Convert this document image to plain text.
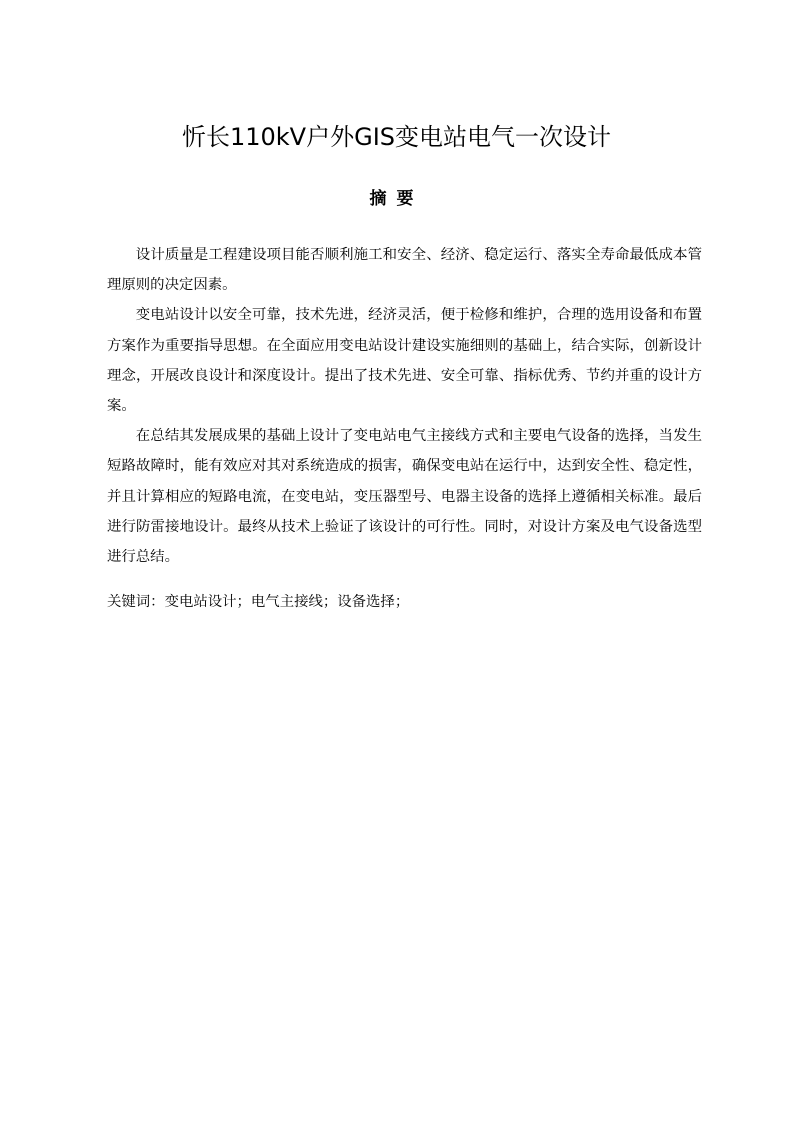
忻长110kV户外GIS变电站电气一次设计
摘要

设计质量是工程建设项目能否顺利施工和安全、经济、稳定运行、落实全寿命最低成本管理原则的决定因素。

变电站设计以安全可靠，技术先进，经济灵活，便于检修和维护，合理的选用设备和布置方案作为重要指导思想。在全面应用变电站设计建设实施细则的基础上，结合实际，创新设计理念，开展改良设计和深度设计。提出了技术先进、安全可靠、指标优秀、节约并重的设计方案。

在总结其发展成果的基础上设计了变电站电气主接线方式和主要电气设备的选择，当发生短路故障时，能有效应对其对系统造成的损害，确保变电站在运行中，达到安全性、稳定性，并且计算相应的短路电流，在变电站，变压器型号、电器主设备的选择上遵循相关标准。最后进行防雷接地设计。最终从技术上验证了该设计的可行性。同时，对设计方案及电气设备选型进行总结。

关键词：变电站设计；电气主接线；设备选择；
